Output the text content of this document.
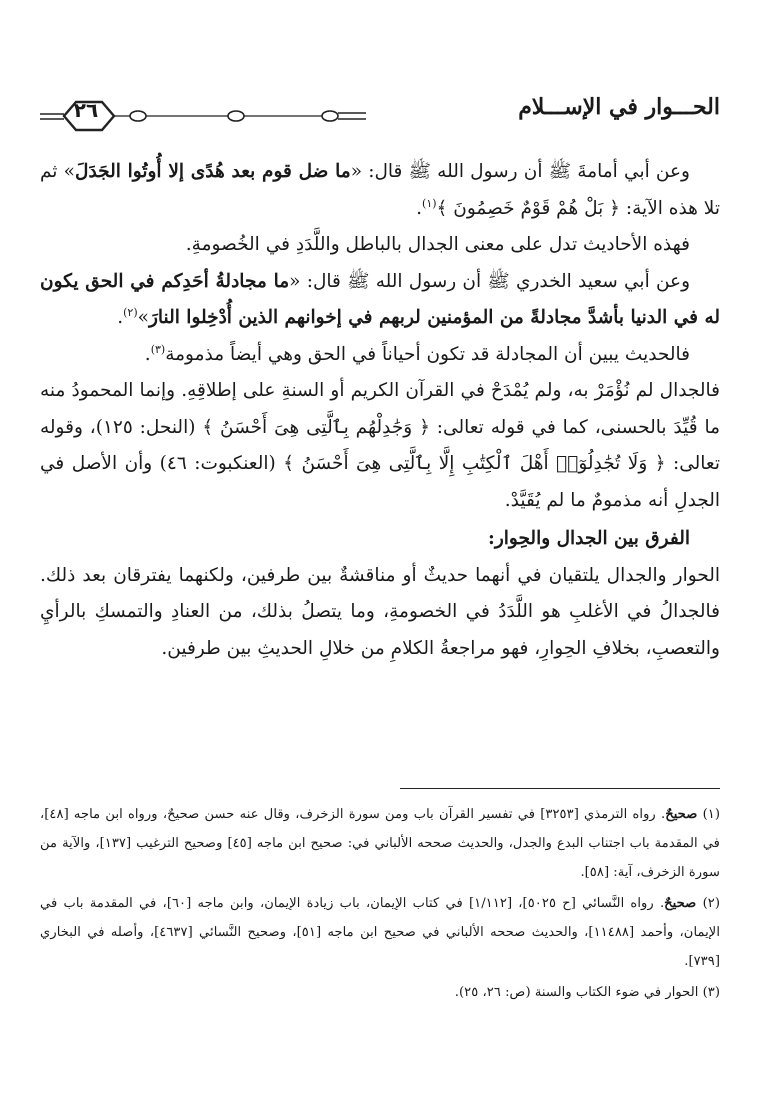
٢٦	الحـــوار في الإســـلام

وعن أبي أمامةَ ﷺ أن رسول الله ﷺ قال: «ما ضل قوم بعد هُدًى إلا أُوتُوا الجَدَلَ» ثم تلا هذه الآية: ﴿ بَلْ هُمْ قَوْمٌ خَصِمُونَ ﴾$^{(١)}$.

فهذه الأحاديث تدل على معنى الجدال بالباطل واللَّدَدِ في الخُصومةِ.

وعن أبي سعيد الخدري ﷺ أن رسول الله ﷺ قال: «ما مجادلةُ أحَدِكم في الحق يكون له في الدنيا بأشدَّ مجادلةً من المؤمنين لربهم في إخوانهم الذين أُدْخِلوا النارَ»$^{(٢)}$.

فالحديث يبين أن المجادلة قد تكون أحياناً في الحق وهي أيضاً مذمومة$^{(٣)}$.

فالجدال لم نُؤْمَرْ به، ولم يُمْدَحْ في القرآن الكريم أو السنةِ على إطلاقِهِ. وإنما المحمودُ منه ما قُيِّدَ بالحسنى، كما في قوله تعالى: ﴿ وَجَٰدِلْهُم بِٱلَّتِى هِىَ أَحْسَنُ ﴾ (النحل: ١٢٥)، وقوله تعالى: ﴿ وَلَا تُجَٰدِلُوٓا۟ أَهْلَ ٱلْكِتَٰبِ إِلَّا بِٱلَّتِى هِىَ أَحْسَنُ ﴾ (العنكبوت: ٤٦) وأن الأصل في الجدلِ أنه مذمومٌ ما لم يُقَيَّدْ.

الفرق بين الجدال والحِوار:

الحوار والجدال يلتقيان في أنهما حديثٌ أو مناقشةٌ بين طرفين، ولكنهما يفترقان بعد ذلك. فالجدالُ في الأغلبِ هو اللَّدَدُ في الخصومةِ، وما يتصلُ بذلك، من العنادِ والتمسكِ بالرأيِ والتعصبِ، بخلافِ الحِوارِ، فهو مراجعةُ الكلامِ من خلالِ الحديثِ بين طرفين.

(١) صحيحٌ. رواه الترمذي [٣٢٥٣] في تفسير القرآن باب ومن سورة الزخرف، وقال عنه حسن صحيحٌ، ورواه ابن ماجه [٤٨]، في المقدمة باب اجتناب البدع والجدل، والحديث صححه الألباني في: صحيح ابن ماجه [٤٥] وصحيح الترغيب [١٣٧]، والآية من سورة الزخرف، آية: [٥٨].

(٢) صحيحٌ. رواه النَّسائي [ح ٥٠٢٥]، [١/١١٢] في كتاب الإيمان، باب زيادة الإيمان، وابن ماجه [٦٠]، في المقدمة باب في الإيمان، وأحمد [١١٤٨٨]، والحديث صححه الألباني في صحيح ابن ماجه [٥١]، وصحيح النَّسائي [٤٦٣٧]، وأصله في البخاري [٧٣٩].

(٣) الحوار في ضوء الكتاب والسنة (ص: ٢٦، ٢٥).
